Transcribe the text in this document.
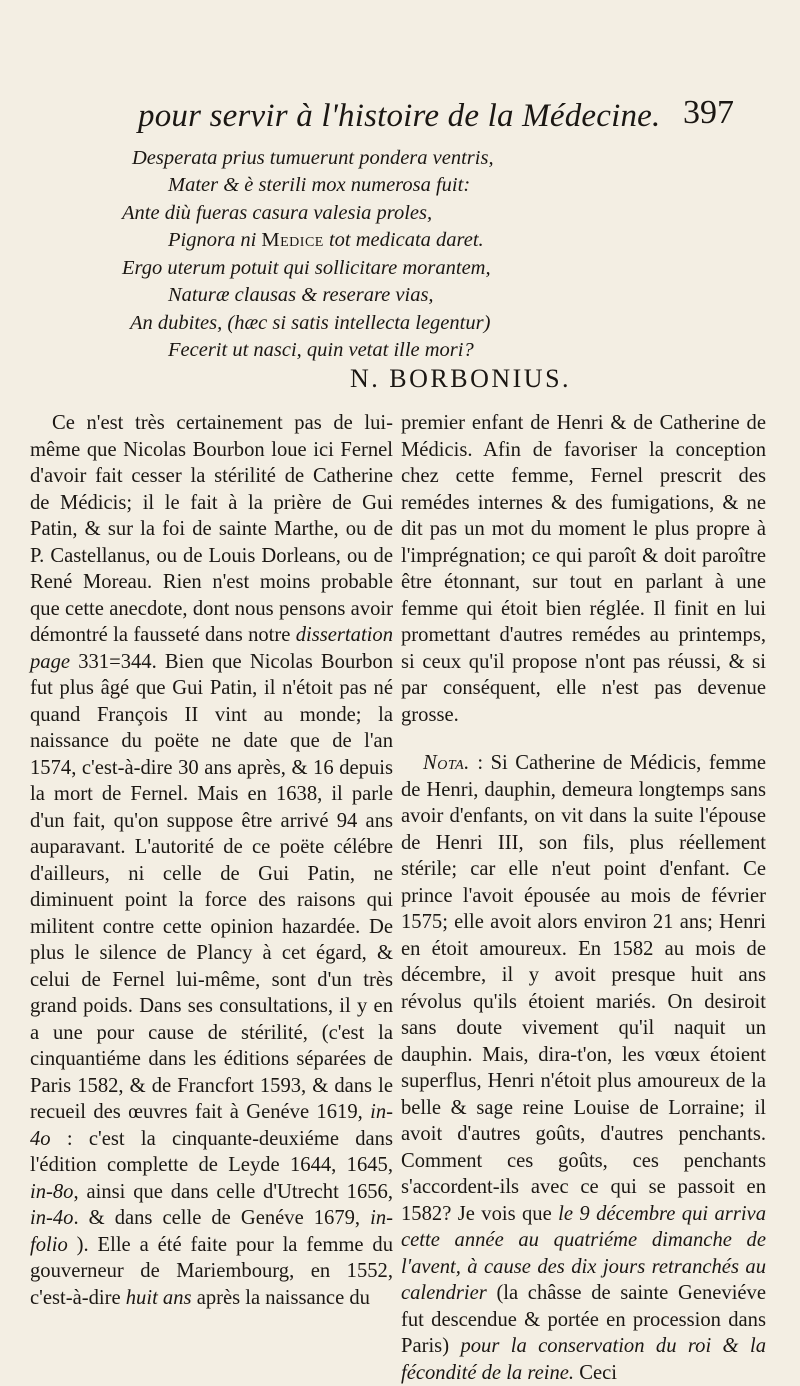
pour servir à l'histoire de la Médecine. 397
Desperata prius tumuerunt pondera ventris,
Mater & è sterili mox numerosa fuit:
Ante diù fueras casura valesia proles,
Pignora ni Medice tot medicata daret.
Ergo uterum potuit qui sollicitare morantem,
Naturæ clausas & reserare vias,
An dubites, (hæc si satis intellecta legentur)
Fecerit ut nasci, quin vetat ille mori?
N. BORBONIUS.

Ce n'est très certainement pas de lui-même que Nicolas Bourbon loue ici Fernel d'avoir fait cesser la stérilité de Catherine de Médicis; il le fait à la prière de Gui Patin, & sur la foi de sainte Marthe, ou de P. Castellanus, ou de Louis Dorleans, ou de René Moreau. Rien n'est moins probable que cette anecdote, dont nous pensons avoir démontré la fausseté dans notre dissertation page 331=344. Bien que Nicolas Bourbon fut plus âgé que Gui Patin, il n'étoit pas né quand François II vint au monde; la naissance du poëte ne date que de l'an 1574, c'est-à-dire 30 ans après, & 16 depuis la mort de Fernel. Mais en 1638, il parle d'un fait, qu'on suppose être arrivé 94 ans auparavant. L'autorité de ce poëte célébre d'ailleurs, ni celle de Gui Patin, ne diminuent point la force des raisons qui militent contre cette opinion hazardée. De plus le silence de Plancy à cet égard, & celui de Fernel lui-même, sont d'un très grand poids. Dans ses consultations, il y en a une pour cause de stérilité, (c'est la cinquantiéme dans les éditions séparées de Paris 1582, & de Francfort 1593, & dans le recueil des œuvres fait à Genéve 1619, in-4o : c'est la cinquante-deuxiéme dans l'édition complette de Leyde 1644, 1645, in-8o, ainsi que dans celle d'Utrecht 1656, in-4o. & dans celle de Genéve 1679, in-folio ). Elle a été faite pour la femme du gouverneur de Mariembourg, en 1552, c'est-à-dire huit ans après la naissance du

premier enfant de Henri & de Catherine de Médicis. Afin de favoriser la conception chez cette femme, Fernel prescrit des remédes internes & des fumigations, & ne dit pas un mot du moment le plus propre à l'imprégnation; ce qui paroît & doit paroître être étonnant, sur tout en parlant à une femme qui étoit bien réglée. Il finit en lui promettant d'autres remédes au printemps, si ceux qu'il propose n'ont pas réussi, & si par conséquent, elle n'est pas devenue grosse.

Nota. : Si Catherine de Médicis, femme de Henri, dauphin, demeura longtemps sans avoir d'enfants, on vit dans la suite l'épouse de Henri III, son fils, plus réellement stérile; car elle n'eut point d'enfant. Ce prince l'avoit épousée au mois de février 1575; elle avoit alors environ 21 ans; Henri en étoit amoureux. En 1582 au mois de décembre, il y avoit presque huit ans révolus qu'ils étoient mariés. On desiroit sans doute vivement qu'il naquit un dauphin. Mais, dira-t'on, les vœux étoient superflus, Henri n'étoit plus amoureux de la belle & sage reine Louise de Lorraine; il avoit d'autres goûts, d'autres penchants. Comment ces goûts, ces penchants s'accordent-ils avec ce qui se passoit en 1582? Je vois que le 9 décembre qui arriva cette année au quatriéme dimanche de l'avent, à cause des dix jours retranchés au calendrier (la châsse de sainte Geneviéve fut descendue & portée en procession dans Paris) pour la conservation du roi & la fécondité de la reine. Ceci
